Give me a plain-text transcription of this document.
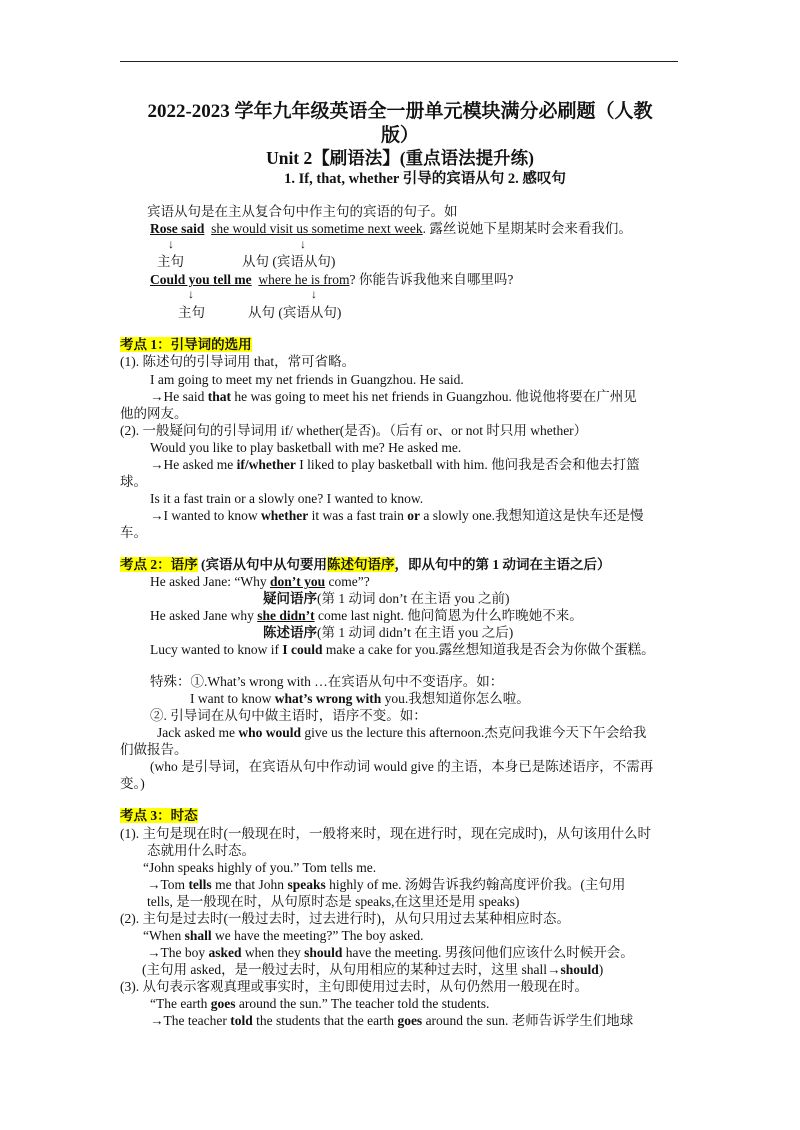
2022-2023 学年九年级英语全一册单元模块满分必刷题（人教
版）
Unit 2【刷语法】(重点语法提升练)
1. If, that, whether 引导的宾语从句 2. 感叹句
宾语从句是在主从复合句中作主句的宾语的句子。如
Rose said she would visit us sometime next week. 露丝说她下星期某时会来看我们。
↓	↓
主句	从句 (宾语从句)
Could you tell me where he is from? 你能告诉我他来自哪里吗?
↓	↓
主句	从句 (宾语从句)
考点 1：引导词的选用
(1). 陈述句的引导词用 that，常可省略。
I am going to meet my net friends in Guangzhou. He said.
→He said that he was going to meet his net friends in Guangzhou. 他说他将要在广州见
他的网友。
(2). 一般疑问句的引导词用 if/ whether(是否)。（后有 or、or not 时只用 whether）
Would you like to play basketball with me? He asked me.
→He asked me if/whether I liked to play basketball with him. 他问我是否会和他去打篮
球。
Is it a fast train or a slowly one? I wanted to know.
→I wanted to know whether it was a fast train or a slowly one.我想知道这是快车还是慢
车。
考点 2：语序 (宾语从句中从句要用陈述句语序，即从句中的第 1 动词在主语之后）
He asked Jane: “Why don’t you come”?
疑问语序(第 1 动词 don’t 在主语 you 之前)
He asked Jane why she didn’t come last night. 他问简恩为什么昨晚她不来。
陈述语序(第 1 动词 didn’t 在主语 you 之后)
Lucy wanted to know if I could make a cake for you.露丝想知道我是否会为你做个蛋糕。
特殊：①.What’s wrong with …在宾语从句中不变语序。如：
I want to know what’s wrong with you.我想知道你怎么啦。
②. 引导词在从句中做主语时，语序不变。如：
Jack asked me who would give us the lecture this afternoon.杰克问我谁今天下午会给我
们做报告。
(who 是引导词，在宾语从句中作动词 would give 的主语，本身已是陈述语序，不需再
变。)
考点 3：时态
(1). 主句是现在时(一般现在时，一般将来时，现在进行时，现在完成时)，从句该用什么时
态就用什么时态。
“John speaks highly of you.” Tom tells me.
→Tom tells me that John speaks highly of me. 汤姆告诉我约翰高度评价我。(主句用
tells, 是一般现在时，从句原时态是 speaks,在这里还是用 speaks)
(2). 主句是过去时(一般过去时，过去进行时)，从句只用过去某种相应时态。
“When shall we have the meeting?” The boy asked.
→The boy asked when they should have the meeting. 男孩问他们应该什么时候开会。
(主句用 asked，是一般过去时，从句用相应的某种过去时，这里 shall→should)
(3). 从句表示客观真理或事实时，主句即使用过去时，从句仍然用一般现在时。
“The earth goes around the sun.” The teacher told the students.
→The teacher told the students that the earth goes around the sun. 老师告诉学生们地球
